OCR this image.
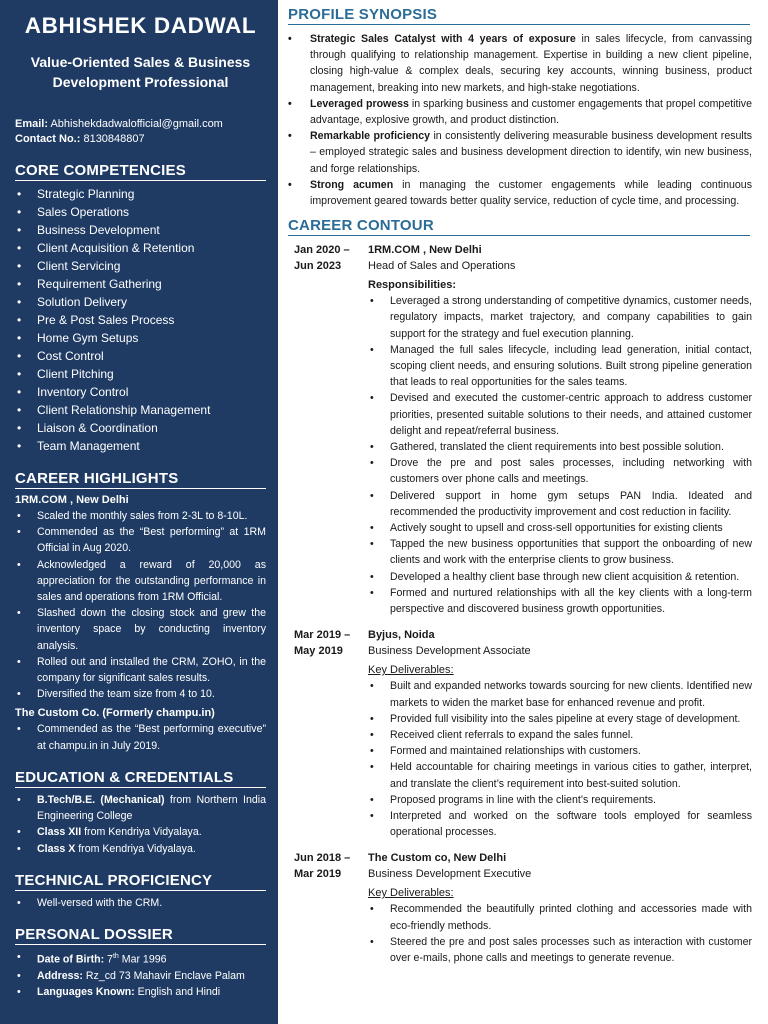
ABHISHEK DADWAL
Value-Oriented Sales & Business Development Professional
Email: Abhishekdadwalofficial@gmail.com
Contact No.: 8130848807
CORE COMPETENCIES
• Strategic Planning
• Sales Operations
• Business Development
• Client Acquisition & Retention
• Client Servicing
• Requirement Gathering
• Solution Delivery
• Pre & Post Sales Process
• Home Gym Setups
• Cost Control
• Client Pitching
• Inventory Control
• Client Relationship Management
• Liaison & Coordination
• Team Management
CAREER HIGHLIGHTS
1RM.COM , New Delhi
• Scaled the monthly sales from 2-3L to 8-10L.
• Commended as the “Best performing” at 1RM Official in Aug 2020.
• Acknowledged a reward of 20,000 as appreciation for the outstanding performance in sales and operations from 1RM Official.
• Slashed down the closing stock and grew the inventory space by conducting inventory analysis.
• Rolled out and installed the CRM, ZOHO, in the company for significant sales results.
• Diversified the team size from 4 to 10.
The Custom Co. (Formerly champu.in)
• Commended as the “Best performing executive” at champu.in in July 2019.
EDUCATION & CREDENTIALS
• B.Tech/B.E. (Mechanical) from Northern India Engineering College
• Class XII from Kendriya Vidyalaya.
• Class X from Kendriya Vidyalaya.
TECHNICAL PROFICIENCY
• Well-versed with the CRM.
PERSONAL DOSSIER
• Date of Birth: 7th Mar 1996
• Address: Rz_cd 73 Mahavir Enclave Palam
• Languages Known: English and Hindi
PROFILE SYNOPSIS
• Strategic Sales Catalyst with 4 years of exposure in sales lifecycle, from canvassing through qualifying to relationship management. Expertise in building a new client pipeline, closing high-value & complex deals, securing key accounts, winning business, product management, breaking into new markets, and high-stake negotiations.
• Leveraged prowess in sparking business and customer engagements that propel competitive advantage, explosive growth, and product distinction.
• Remarkable proficiency in consistently delivering measurable business development results – employed strategic sales and business development direction to identify, win new business, and forge relationships.
• Strong acumen in managing the customer engagements while leading continuous improvement geared towards better quality service, reduction of cycle time, and processing.
CAREER CONTOUR
Jan 2020 – Jun 2023
1RM.COM , New Delhi
Head of Sales and Operations
Responsibilities:
• Leveraged a strong understanding of competitive dynamics, customer needs, regulatory impacts, market trajectory, and company capabilities to gain support for the strategy and fuel execution planning.
• Managed the full sales lifecycle, including lead generation, initial contact, scoping client needs, and ensuring solutions. Built strong pipeline generation that leads to real opportunities for the sales teams.
• Devised and executed the customer-centric approach to address customer priorities, presented suitable solutions to their needs, and attained customer delight and repeat/referral business.
• Gathered, translated the client requirements into best possible solution.
• Drove the pre and post sales processes, including networking with customers over phone calls and meetings.
• Delivered support in home gym setups PAN India. Ideated and recommended the productivity improvement and cost reduction in facility.
• Actively sought to upsell and cross-sell opportunities for existing clients
• Tapped the new business opportunities that support the onboarding of new clients and work with the enterprise clients to grow business.
• Developed a healthy client base through new client acquisition & retention.
• Formed and nurtured relationships with all the key clients with a long-term perspective and discovered business growth opportunities.
Mar 2019 – May 2019
Byjus, Noida
Business Development Associate
Key Deliverables:
• Built and expanded networks towards sourcing for new clients. Identified new markets to widen the market base for enhanced revenue and profit.
• Provided full visibility into the sales pipeline at every stage of development.
• Received client referrals to expand the sales funnel.
• Formed and maintained relationships with customers.
• Held accountable for chairing meetings in various cities to gather, interpret, and translate the client’s requirement into best-suited solution.
• Proposed programs in line with the client’s requirements.
• Interpreted and worked on the software tools employed for seamless operational processes.
Jun 2018 – Mar 2019
The Custom co, New Delhi
Business Development Executive
Key Deliverables:
• Recommended the beautifully printed clothing and accessories made with eco-friendly methods.
• Steered the pre and post sales processes such as interaction with customer over e-mails, phone calls and meetings to generate revenue.
